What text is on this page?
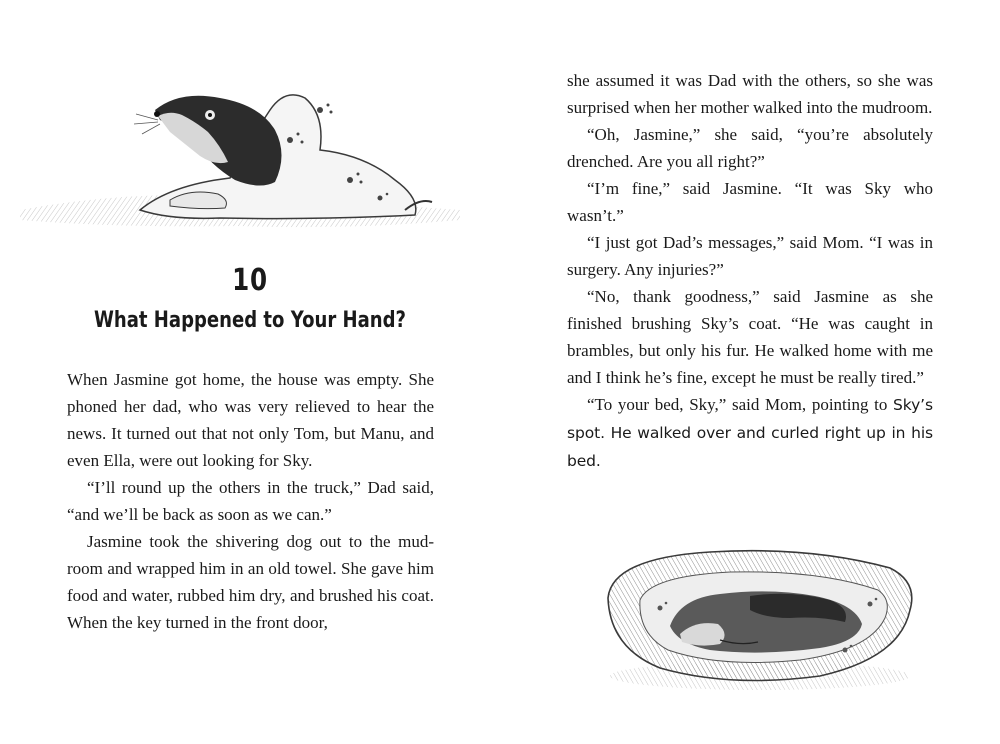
10
What Happened to Your Hand?

When Jasmine got home, the house was empty. She phoned her dad, who was very relieved to hear the news. It turned out that not only Tom, but Manu, and even Ella, were out looking for Sky.

“I’ll round up the others in the truck,” Dad said, “and we’ll be back as soon as we can.”

Jasmine took the shivering dog out to the mud-room and wrapped him in an old towel. She gave him food and water, rubbed him dry, and brushed his coat. When the key turned in the front door,

she assumed it was Dad with the others, so she was surprised when her mother walked into the mudroom.

“Oh, Jasmine,” she said, “you’re absolutely drenched. Are you all right?”

“I’m fine,” said Jasmine. “It was Sky who wasn’t.”

“I just got Dad’s messages,” said Mom. “I was in surgery. Any injuries?”

“No, thank goodness,” said Jasmine as she finished brushing Sky’s coat. “He was caught in brambles, but only his fur. He walked home with me and I think he’s fine, except he must be really tired.”

“To your bed, Sky,” said Mom, pointing to Sky’s spot. He walked over and curled right up in his bed.
